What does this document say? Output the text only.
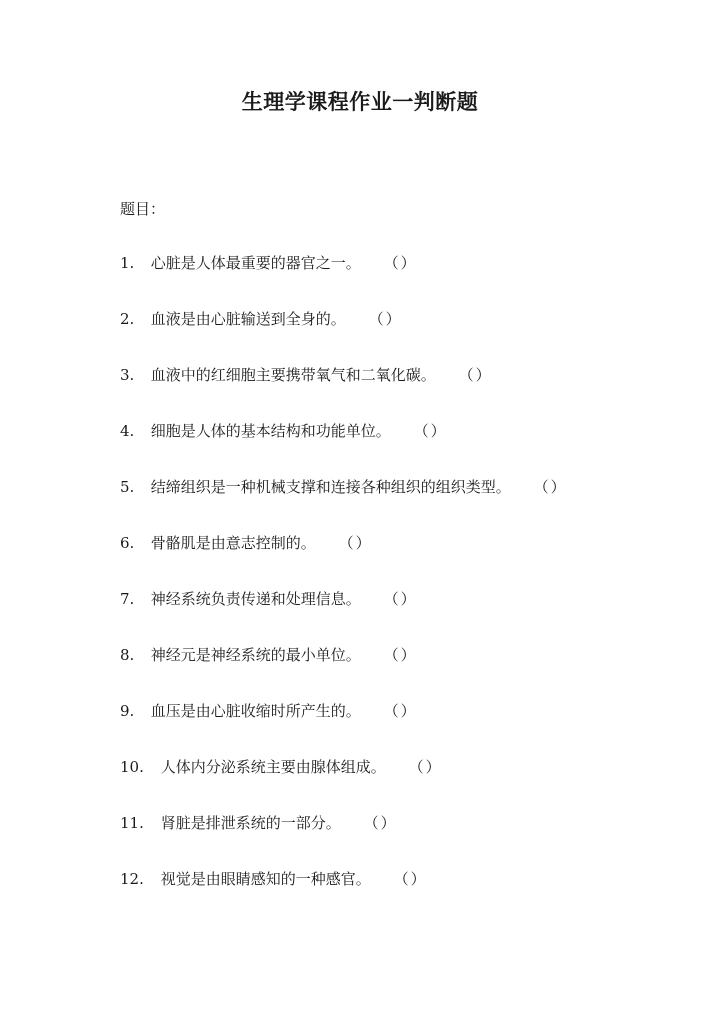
生理学课程作业一判断题
题目：
1. 心脏是人体最重要的器官之一。 （）
2. 血液是由心脏输送到全身的。 （）
3. 血液中的红细胞主要携带氧气和二氧化碳。 （）
4. 细胞是人体的基本结构和功能单位。 （）
5. 结缔组织是一种机械支撑和连接各种组织的组织类型。 （）
6. 骨骼肌是由意志控制的。 （）
7. 神经系统负责传递和处理信息。 （）
8. 神经元是神经系统的最小单位。 （）
9. 血压是由心脏收缩时所产生的。 （）
10. 人体内分泌系统主要由腺体组成。 （）
11. 肾脏是排泄系统的一部分。 （）
12. 视觉是由眼睛感知的一种感官。 （）
